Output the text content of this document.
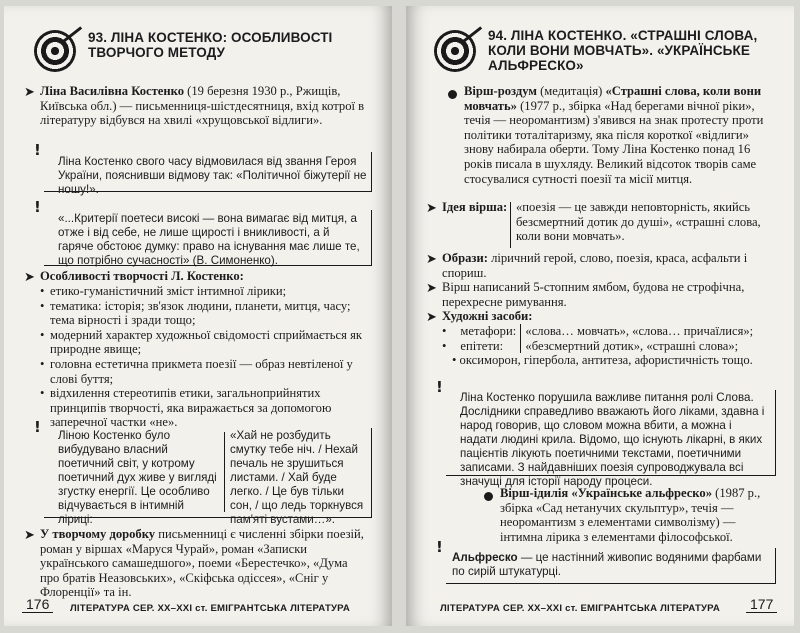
93. ЛІНА КОСТЕНКО: ОСОБЛИВОСТІ ТВОРЧОГО МЕТОДУ
➤ Ліна Василівна Костенко (19 березня 1930 р., Ржищів, Київська обл.) — письменниця-шістдесятниця, вхід котрої в літературу відбувся на хвилі «хрущовської відлиги».
!
Ліна Костенко свого часу відмовилася від звання Героя України, пояснивши відмову так: «Політичної біжутерії не ношу!».
!
«...Критерії поетеси високі — вона вимагає від митця, а отже і від себе, не лише щирості і вникливості, а й гаряче обстоює думку: право на існування має лише те, що потрібно сучасності» (В. Симоненко).
➤ Особливості творчості Л. Костенко:
• етико-гуманістичний зміст інтимної лірики;
• тематика: історія; зв'язок людини, планети, митця, часу; тема вірності і зради тощо;
• модерний характер художньої свідомості сприймається як природне явище;
• головна естетична прикмета поезії — образ невтіленої у слові буття;
• відхилення стереотипів етики, загальноприйнятих принципів творчості, яка виражається за допомогою заперечної частки «не».
! Ліною Костенко було вибудувано власний поетичний світ, у котрому поетичний дух живе у вигляді згустку енергії. Це особливо відчувається в інтимній ліриці:
«Хай не розбудить смутку тебе ніч. / Нехай печаль не зрушиться листами. / Хай буде легко. / Це був тільки сон, / що ледь торкнувся пам'яті вустами…».
➤ У творчому доробку письменниці є численні збірки поезій, роман у віршах «Маруся Чурай», роман «Записки українського самашедшого», поеми «Берестечко», «Дума про братів Неазовських», «Скіфська одіссея», «Сніг у Флоренції» та ін.
176	ЛІТЕРАТУРА СЕР. XX–XXI ст. ЕМІГРАНТСЬКА ЛІТЕРАТУРА
94. ЛІНА КОСТЕНКО. «СТРАШНІ СЛОВА, КОЛИ ВОНИ МОВЧАТЬ». «УКРАЇНСЬКЕ АЛЬФРЕСКО»
Вірш-роздум (медитація) «Страшні слова, коли вони мовчать» (1977 р., збірка «Над берегами вічної ріки», течія — неоромантизм) з'явився на знак протесту проти політики тоталітаризму, яка після короткої «відлиги» знову набирала оберти. Тому Ліна Костенко понад 16 років писала в шухляду. Великий відсоток творів саме стосувалися сутності поезії та місії митця.
➤ Ідея вірша: «поезія — це завжди неповторність, якийсь безсмертний дотик до душі», «страшні слова, коли вони мовчать».
➤ Образи: ліричний герой, слово, поезія, краса, асфальти і спориш.
➤ Вірш написаний 5-стопним ямбом, будова не строфічна, перехресне римування.
➤ Художні засоби:
•	метафори: «слова… мовчать», «слова… причаїлися»;
•	епітети:	«безсмертний дотик», «страшні слова»;
• оксиморон, гіпербола, антитеза, афористичність тощо.
!
Ліна Костенко порушила важливе питання ролі Слова. Дослідники справедливо вважають його ліками, здавна і народ говорив, що словом можна вбити, а можна і надати людині крила. Відомо, що існують лікарні, в яких пацієнтів лікують поетичними текстами, поетичними записами. З найдавніших поезія супроводжувала всі значущі для історії народу процеси.
Вірш-ідилія «Українське альфреско» (1987 р., збірка «Сад нетанучих скульптур», течія — неоромантизм з елементами символізму) — інтимна лірика з елементами філософської.
!
Альфреско — це настінний живопис водяними фарбами по сирій штукатурці.
ЛІТЕРАТУРА СЕР. XX–XXI ст. ЕМІГРАНТСЬКА ЛІТЕРАТУРА 177
